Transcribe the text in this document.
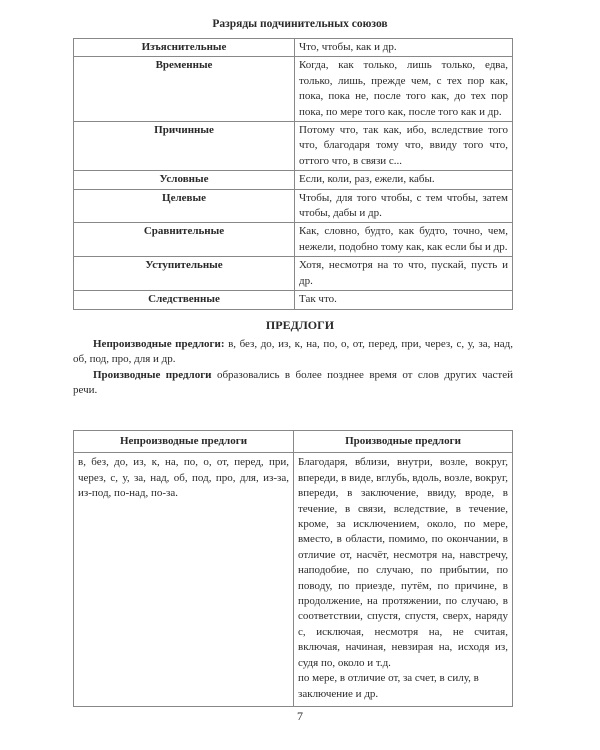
Разряды подчинительных союзов
Изъяснительные	Что, чтобы, как и др.
Временные	Когда, как только, лишь только, едва, только, лишь, прежде чем, с тех пор как, пока, пока не, после того как, до тех пор пока, по мере того как, после того как и др.
Причинные	Потому что, так как, ибо, вследствие того что, благодаря тому что, ввиду того что, оттого что, в связи с...
Условные	Если, коли, раз, ежели, кабы.
Целевые	Чтобы, для того чтобы, с тем чтобы, затем чтобы, дабы и др.
Сравнительные	Как, словно, будто, как будто, точно, чем, нежели, подобно тому как, как если бы и др.
Уступительные	Хотя, несмотря на то что, пускай, пусть и др.
Следственные	Так что.
ПРЕДЛОГИ
Непроизводные предлоги: в, без, до, из, к, на, по, о, от, перед, при, через, с, у, за, над, об, под, про, для и др.
Производные предлоги образовались в более позднее время от слов других частей речи.
Непроизводные предлоги	Производные предлоги
в, без, до, из, к, на, по, о, от, перед, при, через, с, у, за, над, об, под, про, для, из-за, из-под, по-над, по-за.	Благодаря, вблизи, внутри, возле, вокруг, впереди, в виде, вглубь, вдоль, возле, вокруг, впереди, в заключение, ввиду, вроде, в течение, в связи, вследствие, в течение, кроме, за исключением, около, по мере, вместо, в области, помимо, по окончании, в отличие от, насчёт, несмотря на, навстречу, наподобие, по случаю, по прибытии, по поводу, по приезде, путём, по причине, в продолжение, на протяжении, по случаю, в соответствии, спустя, спустя, сверх, наряду с, исключая, несмотря на, не считая, включая, начиная, невзирая на, исходя из, судя по, около и т.д.
по мере, в отличие от, за счет, в силу, в заключение и др.
7
